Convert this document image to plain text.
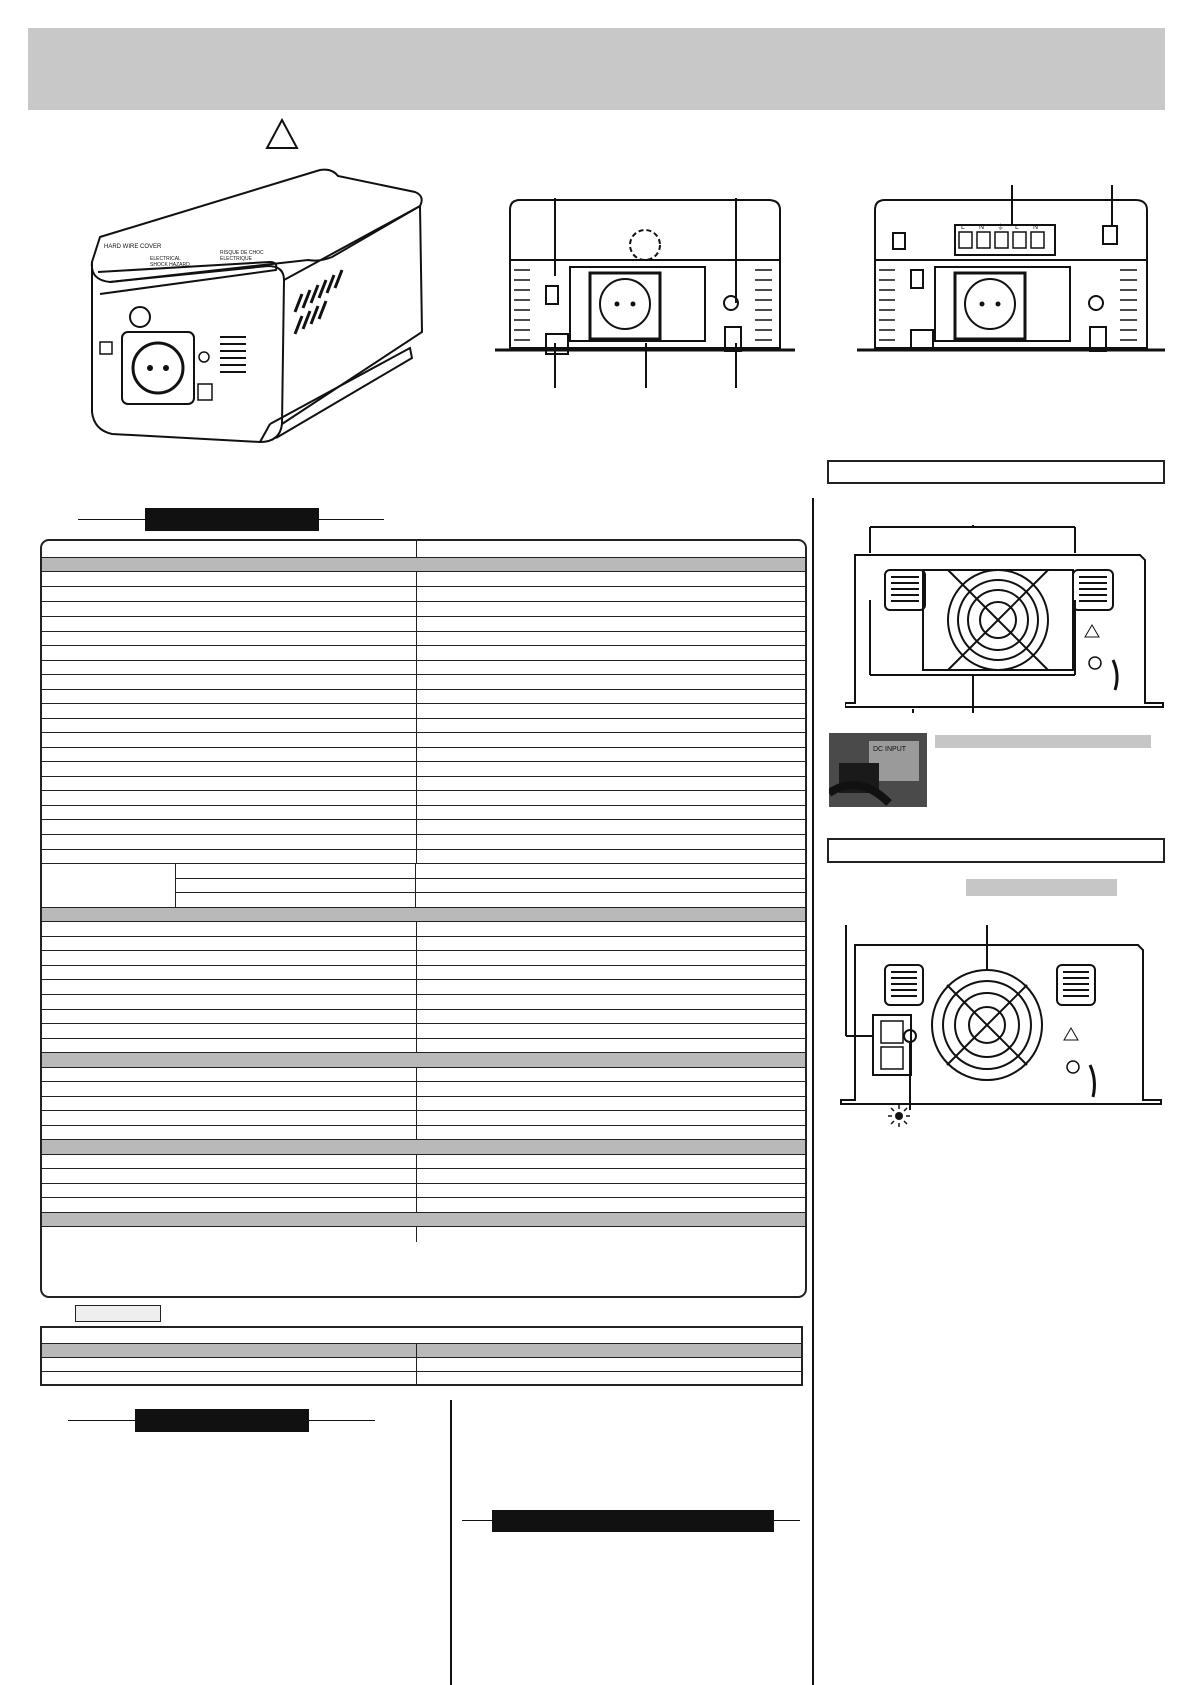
HARD WIRE COVER
ELECTRICAL
SHOCK HAZARD
RISQUE DE CHOC
ÉLECTRIQUE
L N ⏚ L N
DC INPUT
